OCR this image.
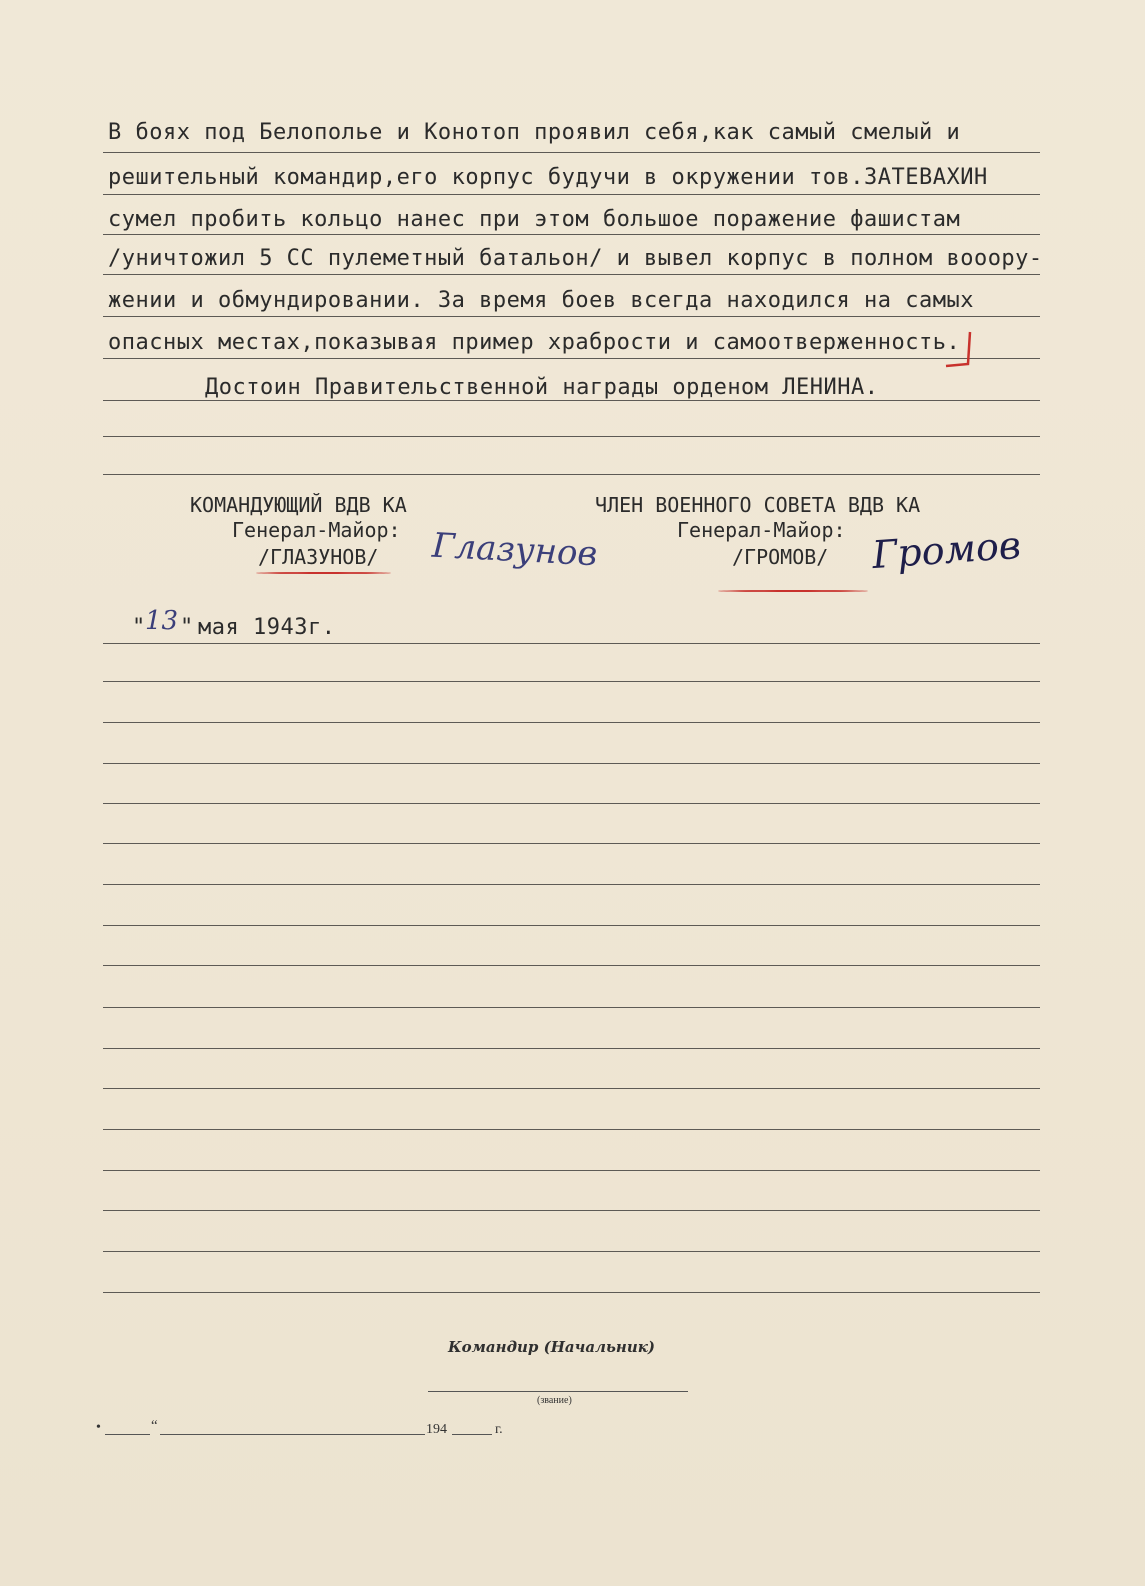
В боях под Белополье и Конотоп проявил себя,как самый смелый и
решительный командир,его корпус будучи в окружении тов.ЗАТЕВАХИН
сумел пробить кольцо нанес при этом большое поражение фашистам
/уничтожил 5 СС пулеметный батальон/ и вывел корпус в полном вооору-
жении и обмундировании. За время боев всегда находился на самых
опасных местах,показывая пример храбрости и самоотверженность.
Достоин Правительственной награды орденом ЛЕНИНА.
КОМАНДУЮЩИЙ ВДВ КА
Генерал-Майор:
/ГЛАЗУНОВ/ Глазунов
ЧЛЕН ВОЕННОГО СОВЕТА ВДВ КА
Генерал-Майор:
/ГРОМОВ/ Громов
" 13 " мая 1943г.
Командир (Начальник)
(звание)
•	“	194	г.
